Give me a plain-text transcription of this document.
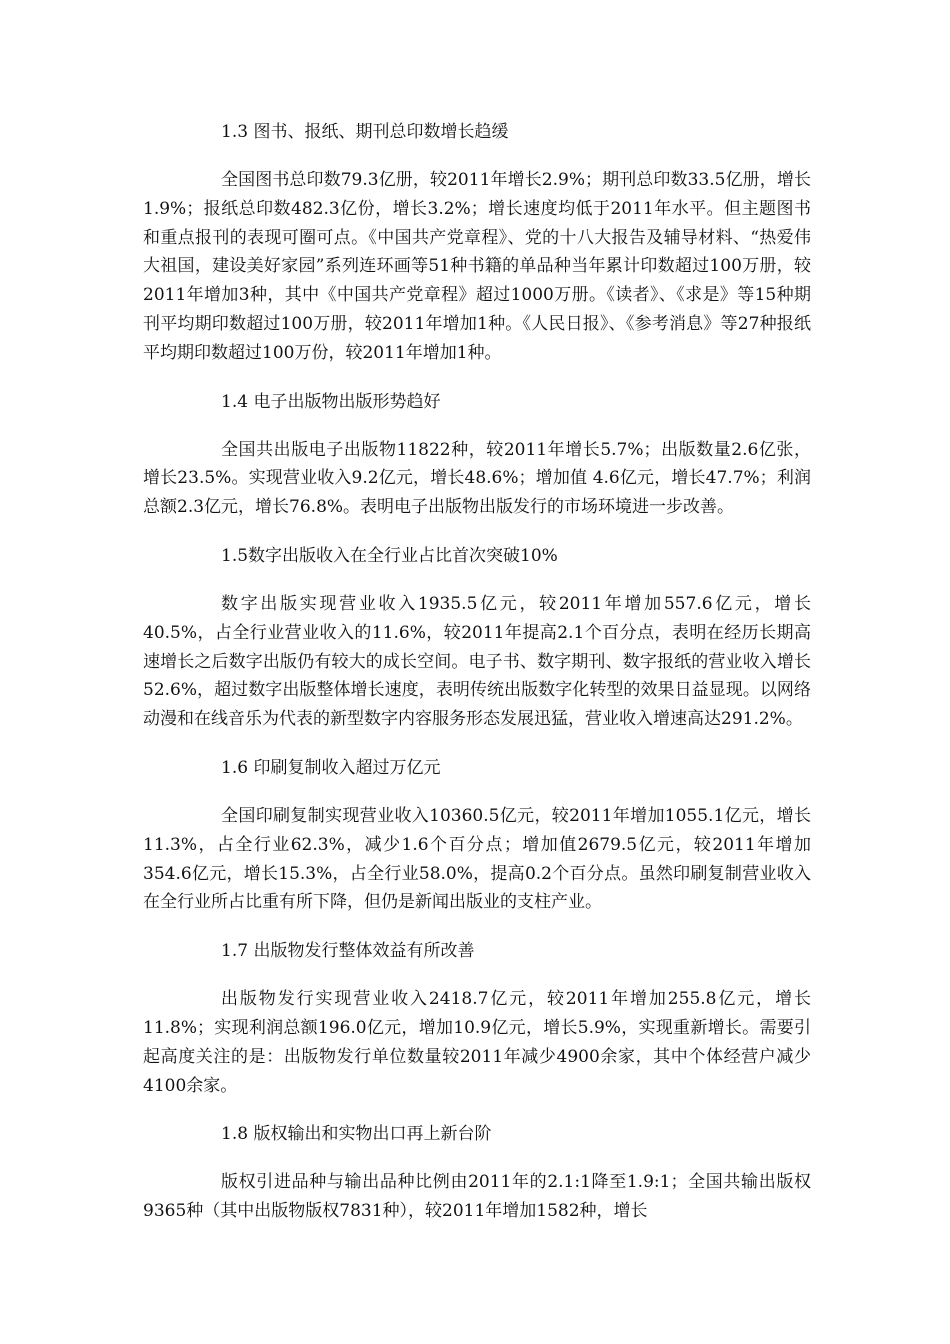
1.3 图书、报纸、期刊总印数增长趋缓

全国图书总印数79.3亿册，较2011年增长2.9%；期刊总印数33.5亿册，增长1.9%；报纸总印数482.3亿份，增长3.2%；增长速度均低于2011年水平。但主题图书和重点报刊的表现可圈可点。《中国共产党章程》、党的十八大报告及辅导材料、“热爱伟大祖国，建设美好家园”系列连环画等51种书籍的单品种当年累计印数超过100万册，较2011年增加3种，其中《中国共产党章程》超过1000万册。《读者》、《求是》等15种期刊平均期印数超过100万册，较2011年增加1种。《人民日报》、《参考消息》等27种报纸平均期印数超过100万份，较2011年增加1种。

1.4 电子出版物出版形势趋好

全国共出版电子出版物11822种，较2011年增长5.7%；出版数量2.6亿张，增长23.5%。实现营业收入9.2亿元，增长48.6%；增加值 4.6亿元，增长47.7%；利润总额2.3亿元，增长76.8%。表明电子出版物出版发行的市场环境进一步改善。

1.5数字出版收入在全行业占比首次突破10%

数字出版实现营业收入1935.5亿元，较2011年增加557.6亿元，增长40.5%，占全行业营业收入的11.6%，较2011年提高2.1个百分点，表明在经历长期高速增长之后数字出版仍有较大的成长空间。电子书、数字期刊、数字报纸的营业收入增长52.6%，超过数字出版整体增长速度，表明传统出版数字化转型的效果日益显现。以网络动漫和在线音乐为代表的新型数字内容服务形态发展迅猛，营业收入增速高达291.2%。

1.6 印刷复制收入超过万亿元

全国印刷复制实现营业收入10360.5亿元，较2011年增加1055.1亿元，增长11.3%，占全行业62.3%，减少1.6个百分点；增加值2679.5亿元，较2011年增加354.6亿元，增长15.3%，占全行业58.0%，提高0.2个百分点。虽然印刷复制营业收入在全行业所占比重有所下降，但仍是新闻出版业的支柱产业。

1.7 出版物发行整体效益有所改善

出版物发行实现营业收入2418.7亿元，较2011年增加255.8亿元，增长11.8%；实现利润总额196.0亿元，增加10.9亿元，增长5.9%，实现重新增长。需要引起高度关注的是：出版物发行单位数量较2011年减少4900余家，其中个体经营户减少4100余家。

1.8 版权输出和实物出口再上新台阶

版权引进品种与输出品种比例由2011年的2.1:1降至1.9:1；全国共输出版权9365种（其中出版物版权7831种），较2011年增加1582种，增长
